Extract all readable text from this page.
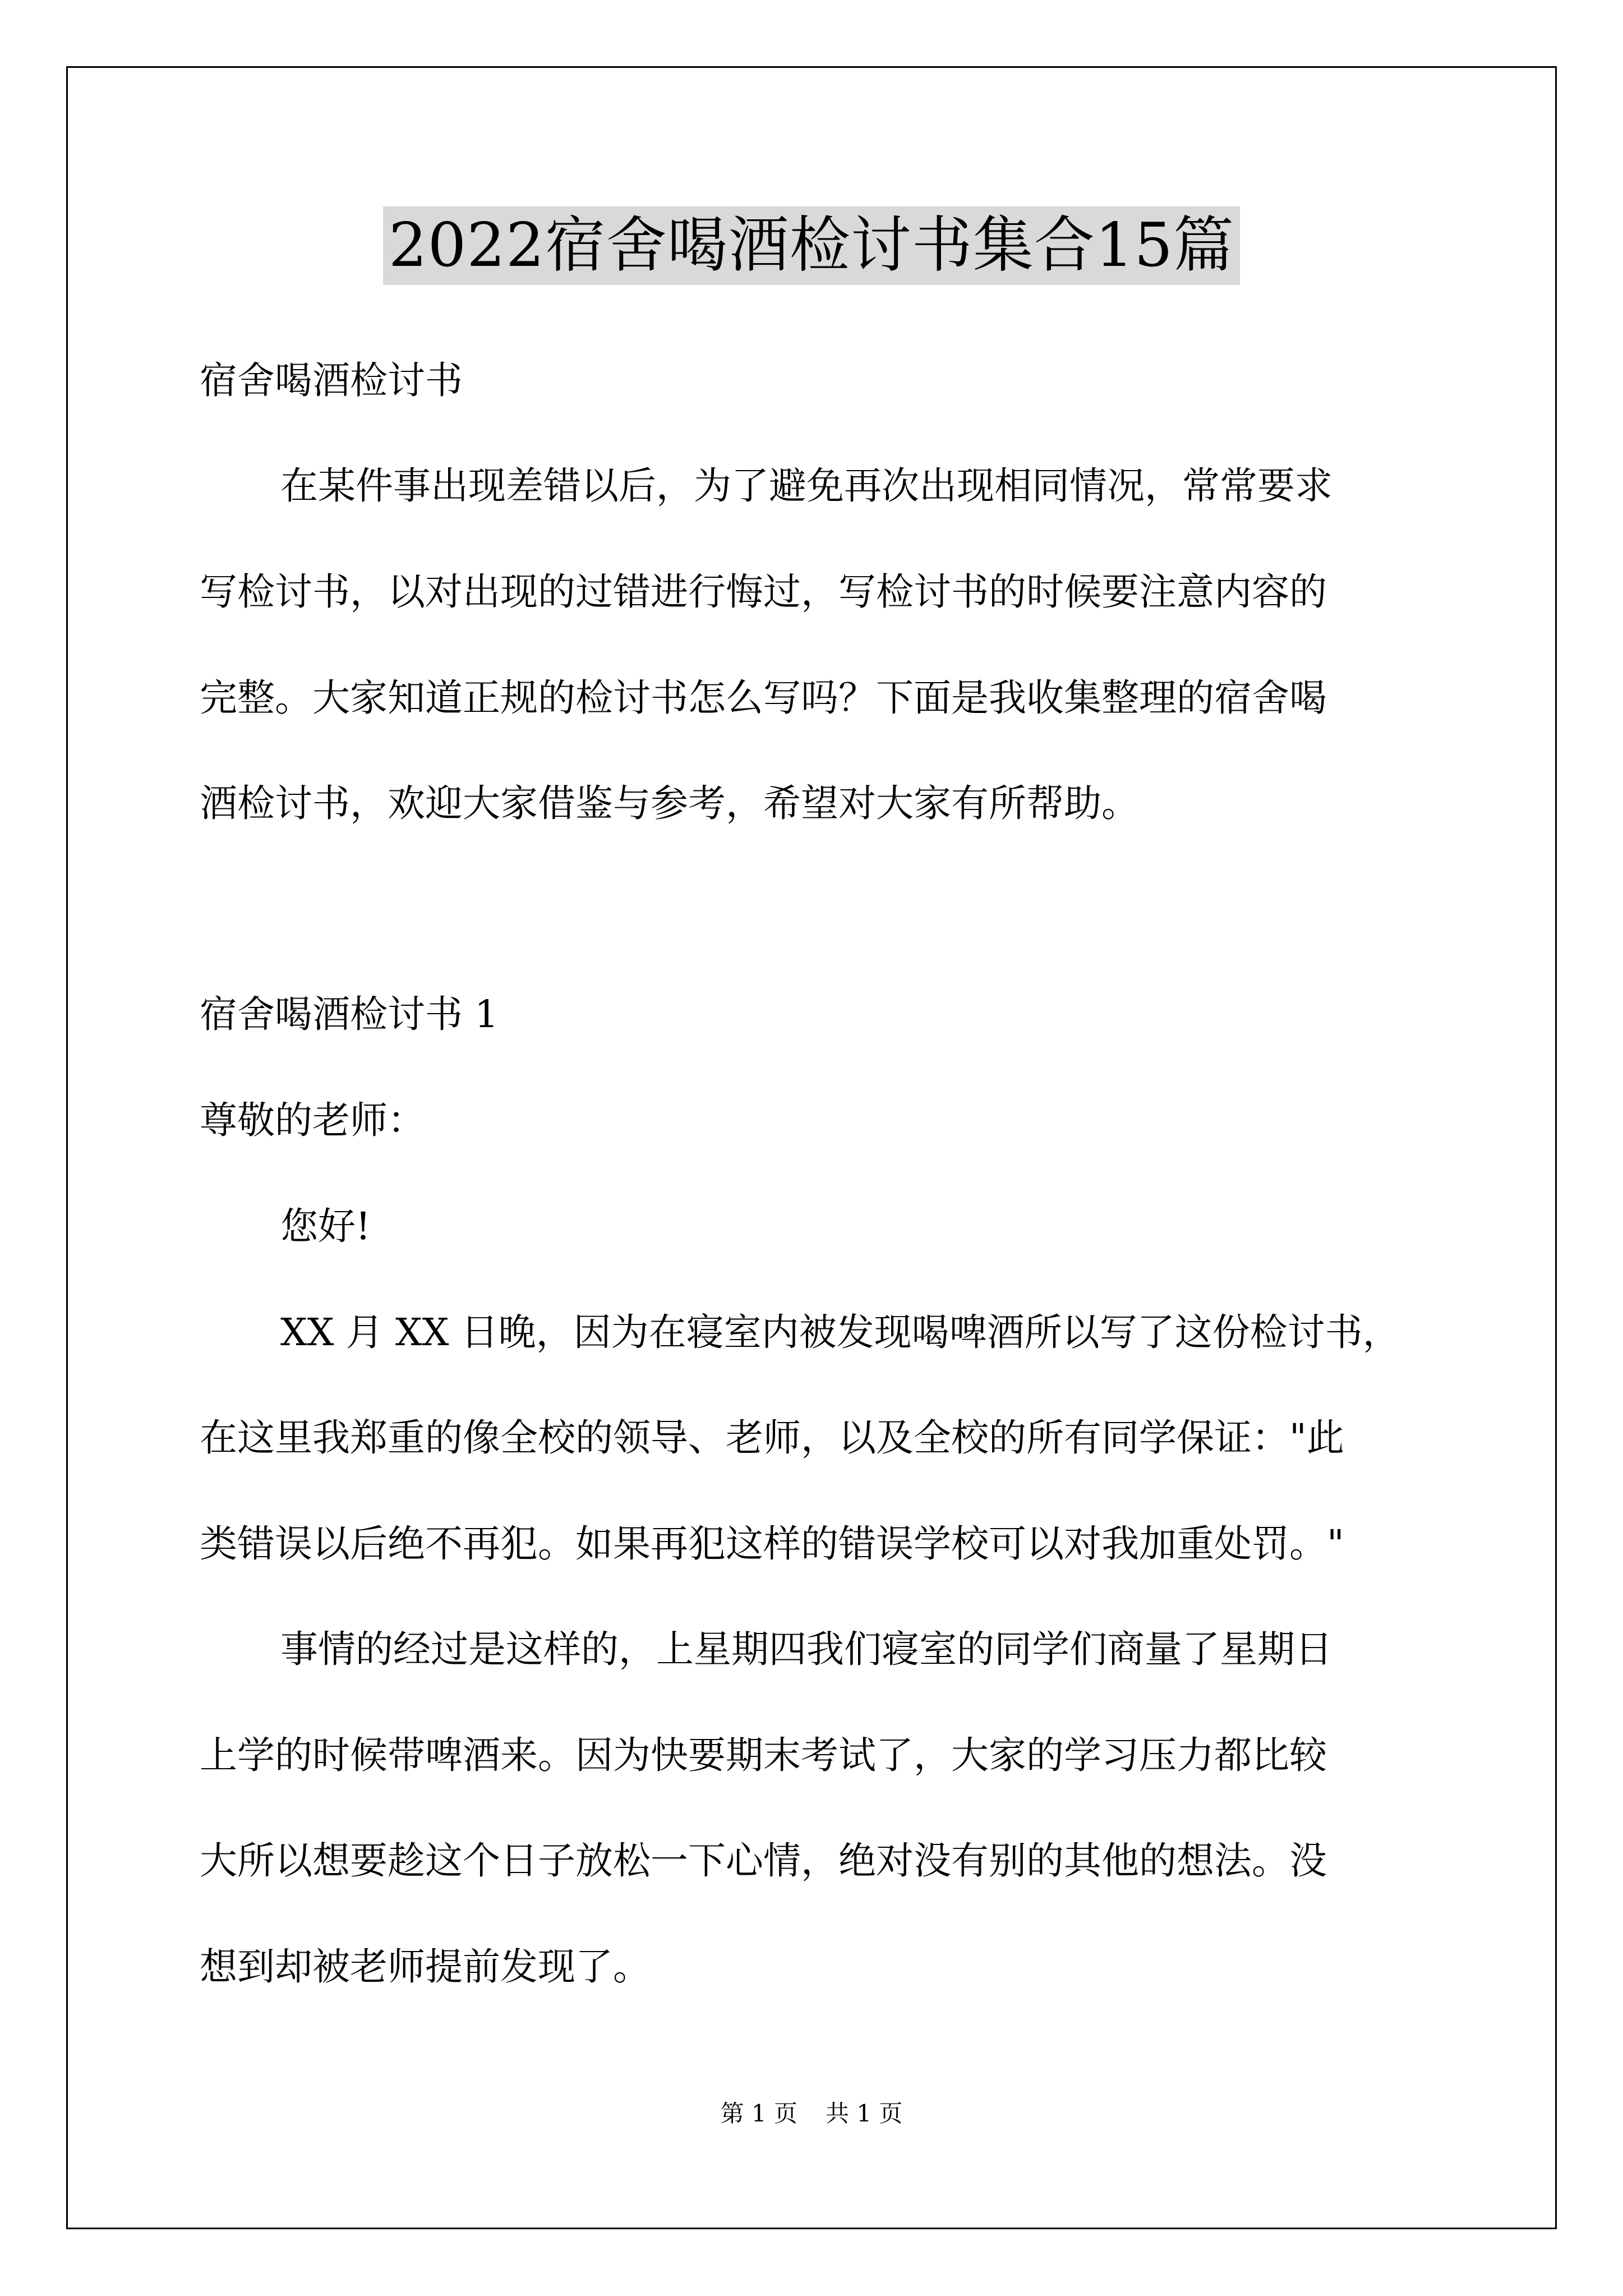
2022宿舍喝酒检讨书集合15篇
宿舍喝酒检讨书
在某件事出现差错以后，为了避免再次出现相同情况，常常要求
写检讨书，以对出现的过错进行悔过，写检讨书的时候要注意内容的
完整。大家知道正规的检讨书怎么写吗？下面是我收集整理的宿舍喝
酒检讨书，欢迎大家借鉴与参考，希望对大家有所帮助。
宿舍喝酒检讨书 1
尊敬的老师：
您好!
XX 月 XX 日晚，因为在寝室内被发现喝啤酒所以写了这份检讨书，
在这里我郑重的像全校的领导、老师，以及全校的所有同学保证："此
类错误以后绝不再犯。如果再犯这样的错误学校可以对我加重处罚。"
事情的经过是这样的，上星期四我们寝室的同学们商量了星期日
上学的时候带啤酒来。因为快要期末考试了，大家的学习压力都比较
大所以想要趁这个日子放松一下心情，绝对没有别的其他的想法。没
想到却被老师提前发现了。
第 1 页 共 1 页
